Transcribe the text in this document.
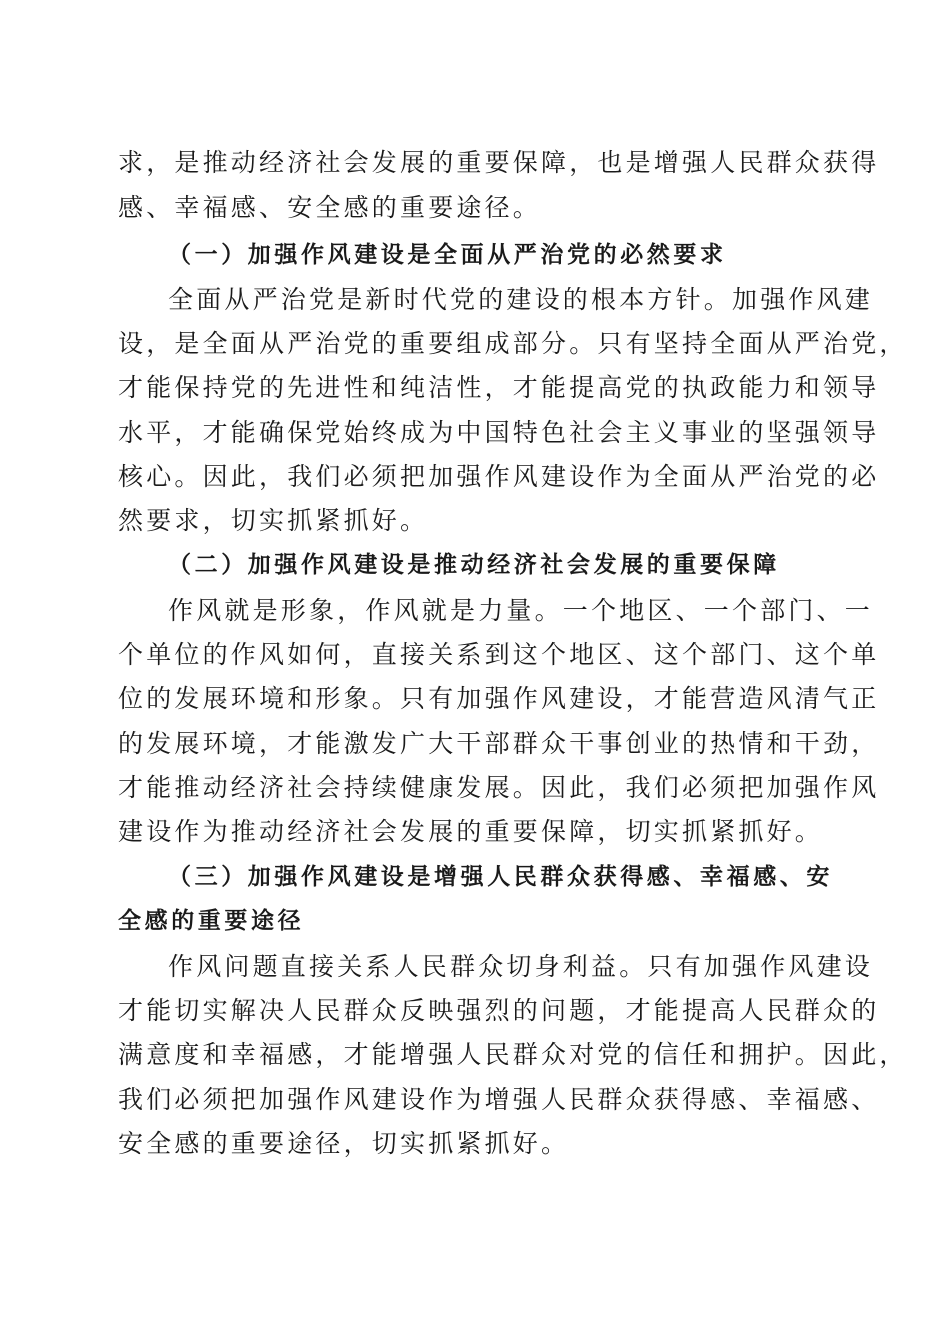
求，是推动经济社会发展的重要保障，也是增强人民群众获得
感、幸福感、安全感的重要途径。
（一）加强作风建设是全面从严治党的必然要求
全面从严治党是新时代党的建设的根本方针。加强作风建
设，是全面从严治党的重要组成部分。只有坚持全面从严治党，
才能保持党的先进性和纯洁性，才能提高党的执政能力和领导
水平，才能确保党始终成为中国特色社会主义事业的坚强领导
核心。因此，我们必须把加强作风建设作为全面从严治党的必
然要求，切实抓紧抓好。
（二）加强作风建设是推动经济社会发展的重要保障
作风就是形象，作风就是力量。一个地区、一个部门、一
个单位的作风如何，直接关系到这个地区、这个部门、这个单
位的发展环境和形象。只有加强作风建设，才能营造风清气正
的发展环境，才能激发广大干部群众干事创业的热情和干劲，
才能推动经济社会持续健康发展。因此，我们必须把加强作风
建设作为推动经济社会发展的重要保障，切实抓紧抓好。
（三）加强作风建设是增强人民群众获得感、幸福感、安
全感的重要途径
作风问题直接关系人民群众切身利益。只有加强作风建设
才能切实解决人民群众反映强烈的问题，才能提高人民群众的
满意度和幸福感，才能增强人民群众对党的信任和拥护。因此，
我们必须把加强作风建设作为增强人民群众获得感、幸福感、
安全感的重要途径，切实抓紧抓好。
